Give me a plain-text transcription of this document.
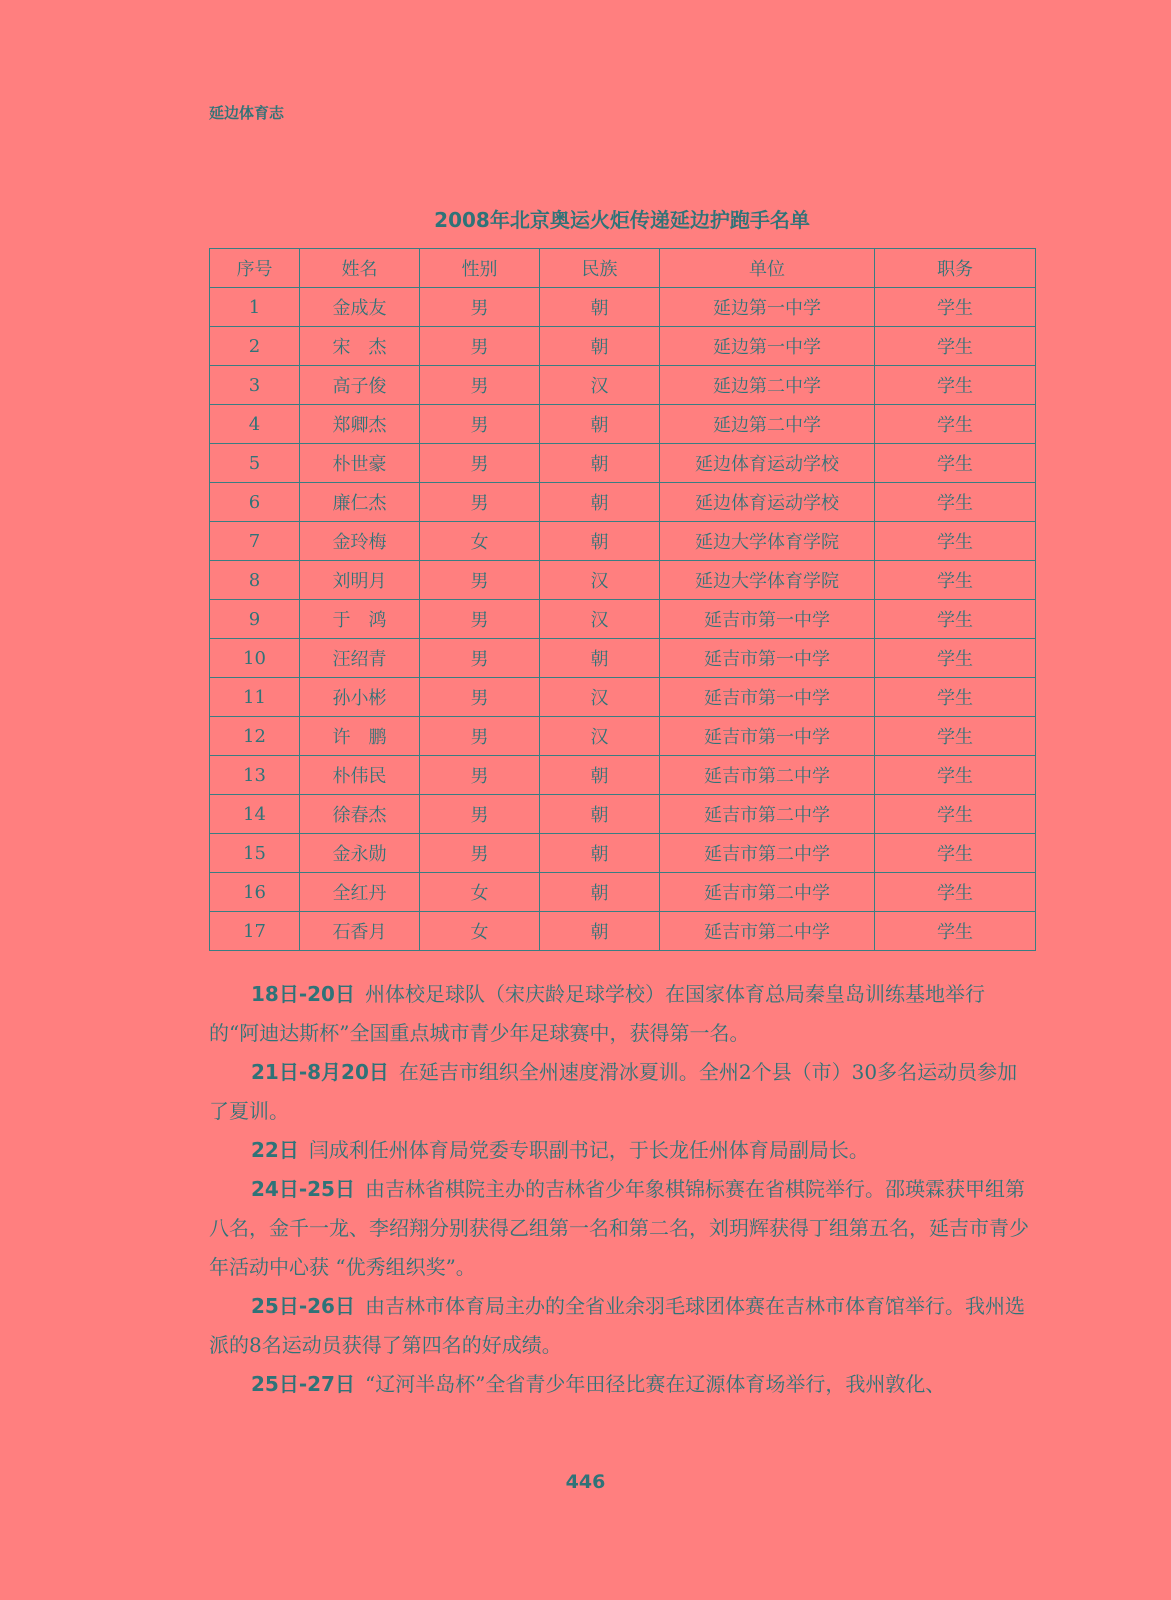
延边体育志
2008年北京奥运火炬传递延边护跑手名单
序号	姓名	性别	民族	单位	职务
1	金成友	男	朝	延边第一中学	学生
2	宋　杰	男	朝	延边第一中学	学生
3	高子俊	男	汉	延边第二中学	学生
4	郑卿杰	男	朝	延边第二中学	学生
5	朴世豪	男	朝	延边体育运动学校	学生
6	廉仁杰	男	朝	延边体育运动学校	学生
7	金玲梅	女	朝	延边大学体育学院	学生
8	刘明月	男	汉	延边大学体育学院	学生
9	于　鸿	男	汉	延吉市第一中学	学生
10	汪绍青	男	朝	延吉市第一中学	学生
11	孙小彬	男	汉	延吉市第一中学	学生
12	许　鹏	男	汉	延吉市第一中学	学生
13	朴伟民	男	朝	延吉市第二中学	学生
14	徐春杰	男	朝	延吉市第二中学	学生
15	金永勋	男	朝	延吉市第二中学	学生
16	全红丹	女	朝	延吉市第二中学	学生
17	石香月	女	朝	延吉市第二中学	学生

18日-20日 州体校足球队（宋庆龄足球学校）在国家体育总局秦皇岛训练基地举行的“阿迪达斯杯”全国重点城市青少年足球赛中，获得第一名。

21日-8月20日 在延吉市组织全州速度滑冰夏训。全州2个县（市）30多名运动员参加了夏训。

22日 闫成利任州体育局党委专职副书记，于长龙任州体育局副局长。

24日-25日 由吉林省棋院主办的吉林省少年象棋锦标赛在省棋院举行。邵瑛霖获甲组第八名，金千一龙、李绍翔分别获得乙组第一名和第二名，刘玥辉获得丁组第五名，延吉市青少年活动中心获 “优秀组织奖”。

25日-26日 由吉林市体育局主办的全省业余羽毛球团体赛在吉林市体育馆举行。我州选派的8名运动员获得了第四名的好成绩。

25日-27日 “辽河半岛杯”全省青少年田径比赛在辽源体育场举行，我州敦化、

446
